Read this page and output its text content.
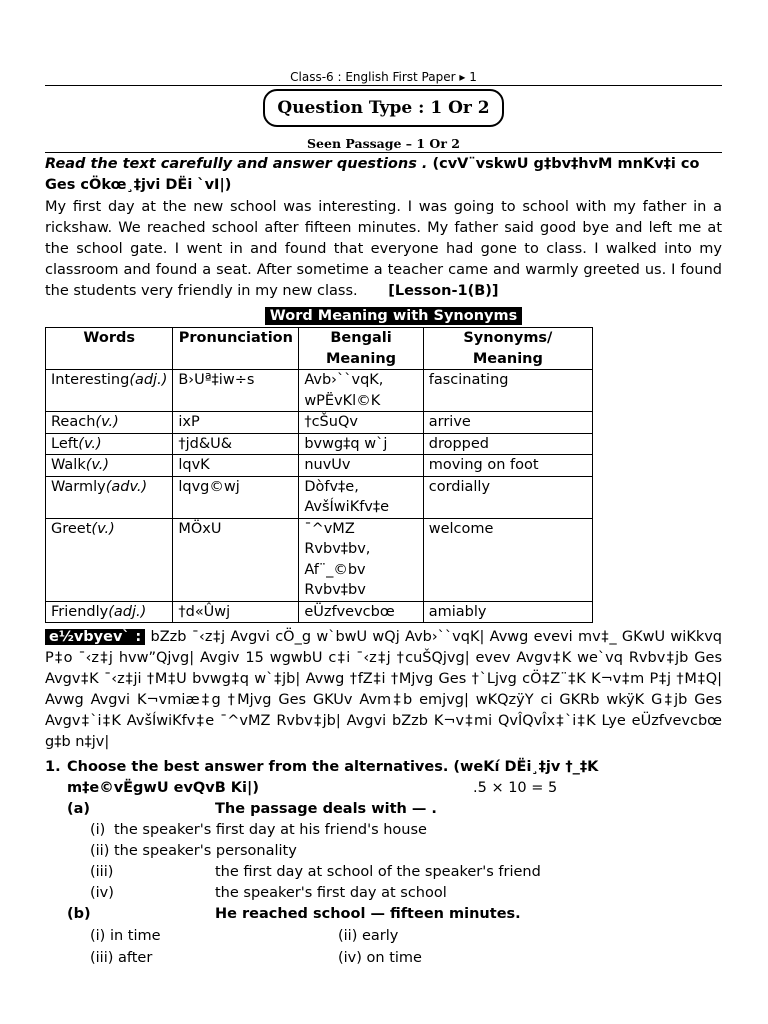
Class-6 : English First Paper ▸ 1
Question Type : 1 Or 2
Seen Passage – 1 Or 2
Read the text carefully and answer questions . (cvV¨vskwU g‡bv‡hvM mnKv‡i co Ges cÖkœ¸‡jvi DËi `vI|)
My first day at the new school was interesting. I was going to school with my father in a rickshaw. We reached school after fifteen minutes. My father said good bye and left me at the school gate. I went in and found that everyone had gone to class. I walked into my classroom and found a seat. After sometime a teacher came and warmly greeted us. I found the students very friendly in my new class. [Lesson-1(B)]
Word Meaning with Synonyms
Words	Pronunciation	Bengali Meaning	Synonyms/ Meaning
Interesting(adj.)	B›Uª‡iw÷s	Avb›``vqK, wPËvKl©K	fascinating
Reach(v.)	ixP	†cŠuQv	arrive
Left(v.)	†jd&U&	bvwg‡q w`j	dropped
Walk(v.)	lqvK	nuvUv	moving on foot
Warmly(adv.)	lqvg©wj	Dòfv‡e, AvšÍwiKfv‡e	cordially
Greet(v.)	MÖxU	¯^vMZ Rvbv‡bv, Af¨_©bv Rvbv‡bv	welcome
Friendly(adj.)	†d«Ûwj	eÜzfvevcbœ	amiably
e½vbyev` : bZzb ¯‹z‡j Avgvi cÖ_g w`bwU wQj Avb›``vqK| Avwg evevi mv‡_ GKwU wiKkvq P‡o ¯‹z‡j hvw”Qjvg| Avgiv 15 wgwbU c‡i ¯‹z‡j †cuŠQjvg| evev Avgv‡K we`vq Rvbv‡jb Ges Avgv‡K ¯‹z‡ji †M‡U bvwg‡q w`‡jb| Avwg †fZ‡i †Mjvg Ges †`Ljvg cÖ‡Z¨‡K K¬v‡m P‡j †M‡Q| Avwg Avgvi K¬vmiæ‡g †Mjvg Ges GKUv Avm‡b emjvg| wKQzÿY ci GKRb wkÿK G‡jb Ges Avgv‡`i‡K AvšÍwiKfv‡e ¯^vMZ Rvbv‡jb| Avgvi bZzb K¬v‡mi QvÎQvÎx‡`i‡K Lye eÜzfvevcbœ g‡b n‡jv|
1. Choose the best answer from the alternatives. (weKí DËi¸‡jv †_‡K
m‡e©vËgwU evQvB Ki|)	.5 × 10 = 5
(a)	The passage deals with — .
(i) the speaker's first day at his friend's house
(ii) the speaker's personality
(iii)	the first day at school of the speaker's friend
(iv)	the speaker's first day at school
(b)	He reached school — fifteen minutes.
(i) in time	(ii) early
(iii) after	(iv) on time
